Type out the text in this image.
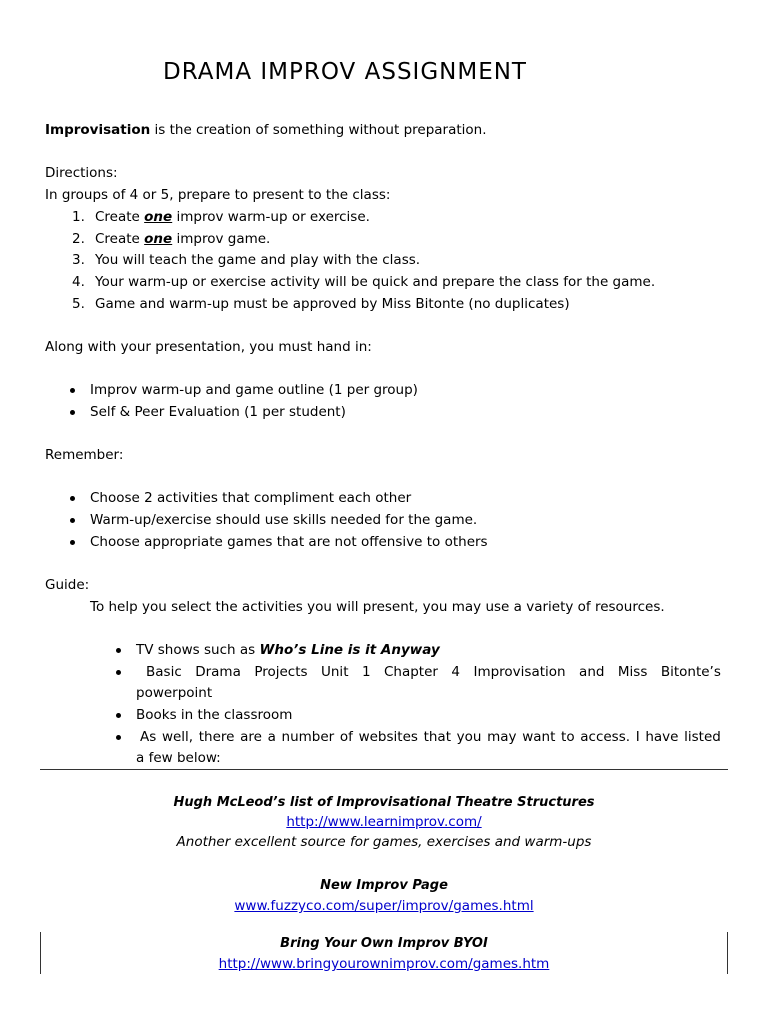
DRAMA IMPROV ASSIGNMENT
Improvisation is the creation of something without preparation.
Directions:
In groups of 4 or 5, prepare to present to the class:
1. Create one improv warm-up or exercise.
2. Create one improv game.
3. You will teach the game and play with the class.
4. Your warm-up or exercise activity will be quick and prepare the class for the game.
5. Game and warm-up must be approved by Miss Bitonte (no duplicates)
Along with your presentation, you must hand in:
Improv warm-up and game outline (1 per group)
Self & Peer Evaluation (1 per student)
Remember:
Choose 2 activities that compliment each other
Warm-up/exercise should use skills needed for the game.
Choose appropriate games that are not offensive to others
Guide:
To help you select the activities you will present, you may use a variety of resources.
TV shows such as Who’s Line is it Anyway
Basic Drama Projects Unit 1 Chapter 4 Improvisation and Miss Bitonte’s
powerpoint
Books in the classroom
As well, there are a number of websites that you may want to access. I have listed
a few below:
Hugh McLeod’s list of Improvisational Theatre Structures
http://www.learnimprov.com/
Another excellent source for games, exercises and warm-ups
New Improv Page
www.fuzzyco.com/super/improv/games.html
Bring Your Own Improv BYOI
http://www.bringyourownimprov.com/games.htm
